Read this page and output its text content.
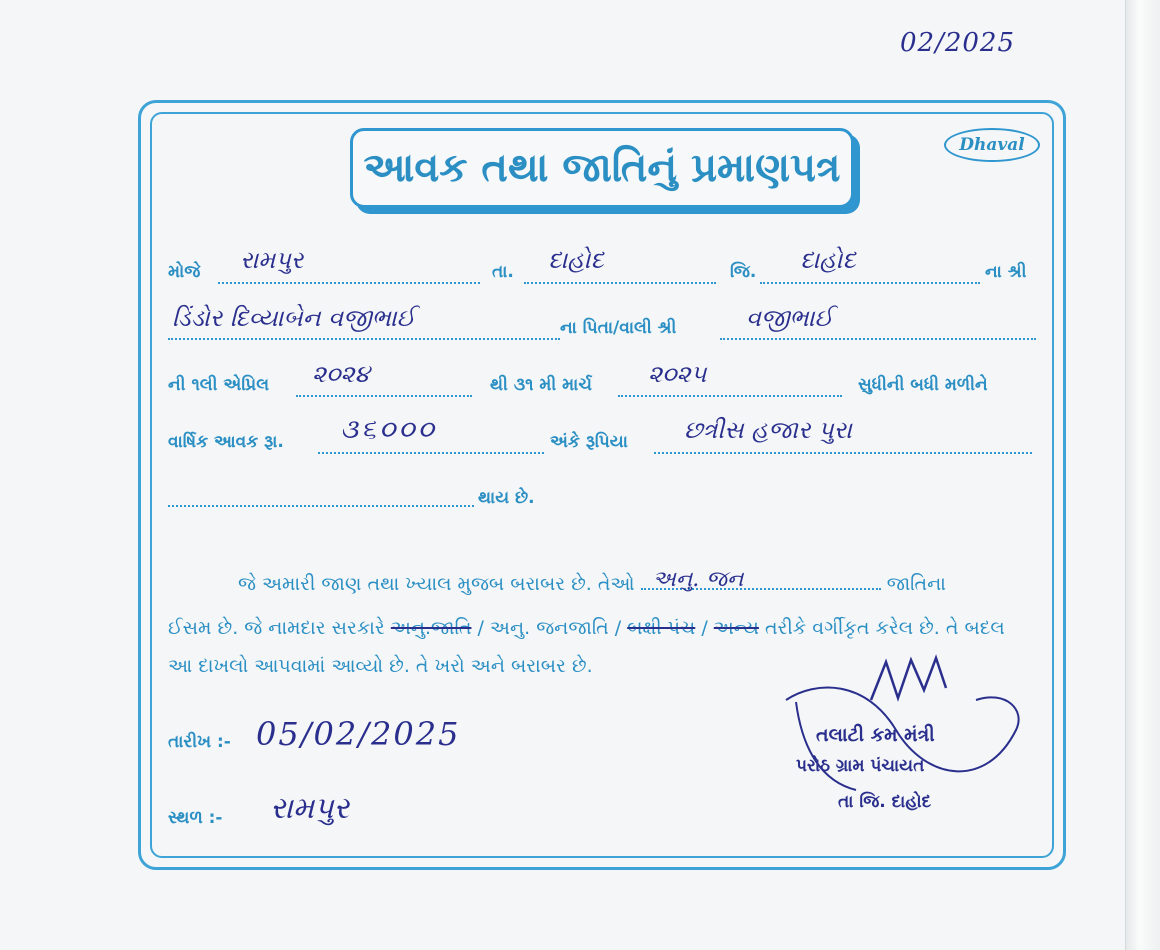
02/2025
આવક તથા જાતિનું પ્રમાણપત્ર	Dhaval
મોજે રામપુર	તા. દાહોદ	જિ. દાહોદ	ના શ્રી
ડિંડોર દિવ્યાબેન વજીભાઈ	ના પિતા/વાલી શ્રી	વજીભાઈ
ની ૧લી એપ્રિલ ૨૦૨૪	થી ૩૧ મી માર્ચ ૨૦૨૫	સુધીની બધી મળીને
વાર્ષિક આવક રૂા. ૩૬૦૦૦	અંકે રૂપિયા છત્રીસ હજાર પુરા
થાય છે.
જે અમારી જાણ તથા ખ્યાલ મુજબ બરાબર છે. તેઓ અનુ. જન	જાતિના
ઈસમ છે. જે નામદાર સરકારે અનુ.જાતિ / અનુ. જનજાતિ / બક્ષી પંચ / અન્ય તરીકે વર્ગીકૃત કરેલ છે. તે બદલ
આ દાખલો આપવામાં આવ્યો છે. તે ખરો અને બરાબર છે.
તારીખ :- 05/02/2025
સ્થળ :- રામપુર
તલાટી કમ મંત્રી
પરોઠ ગ્રામ પંચાયત
તા જિ. દાહોદ
